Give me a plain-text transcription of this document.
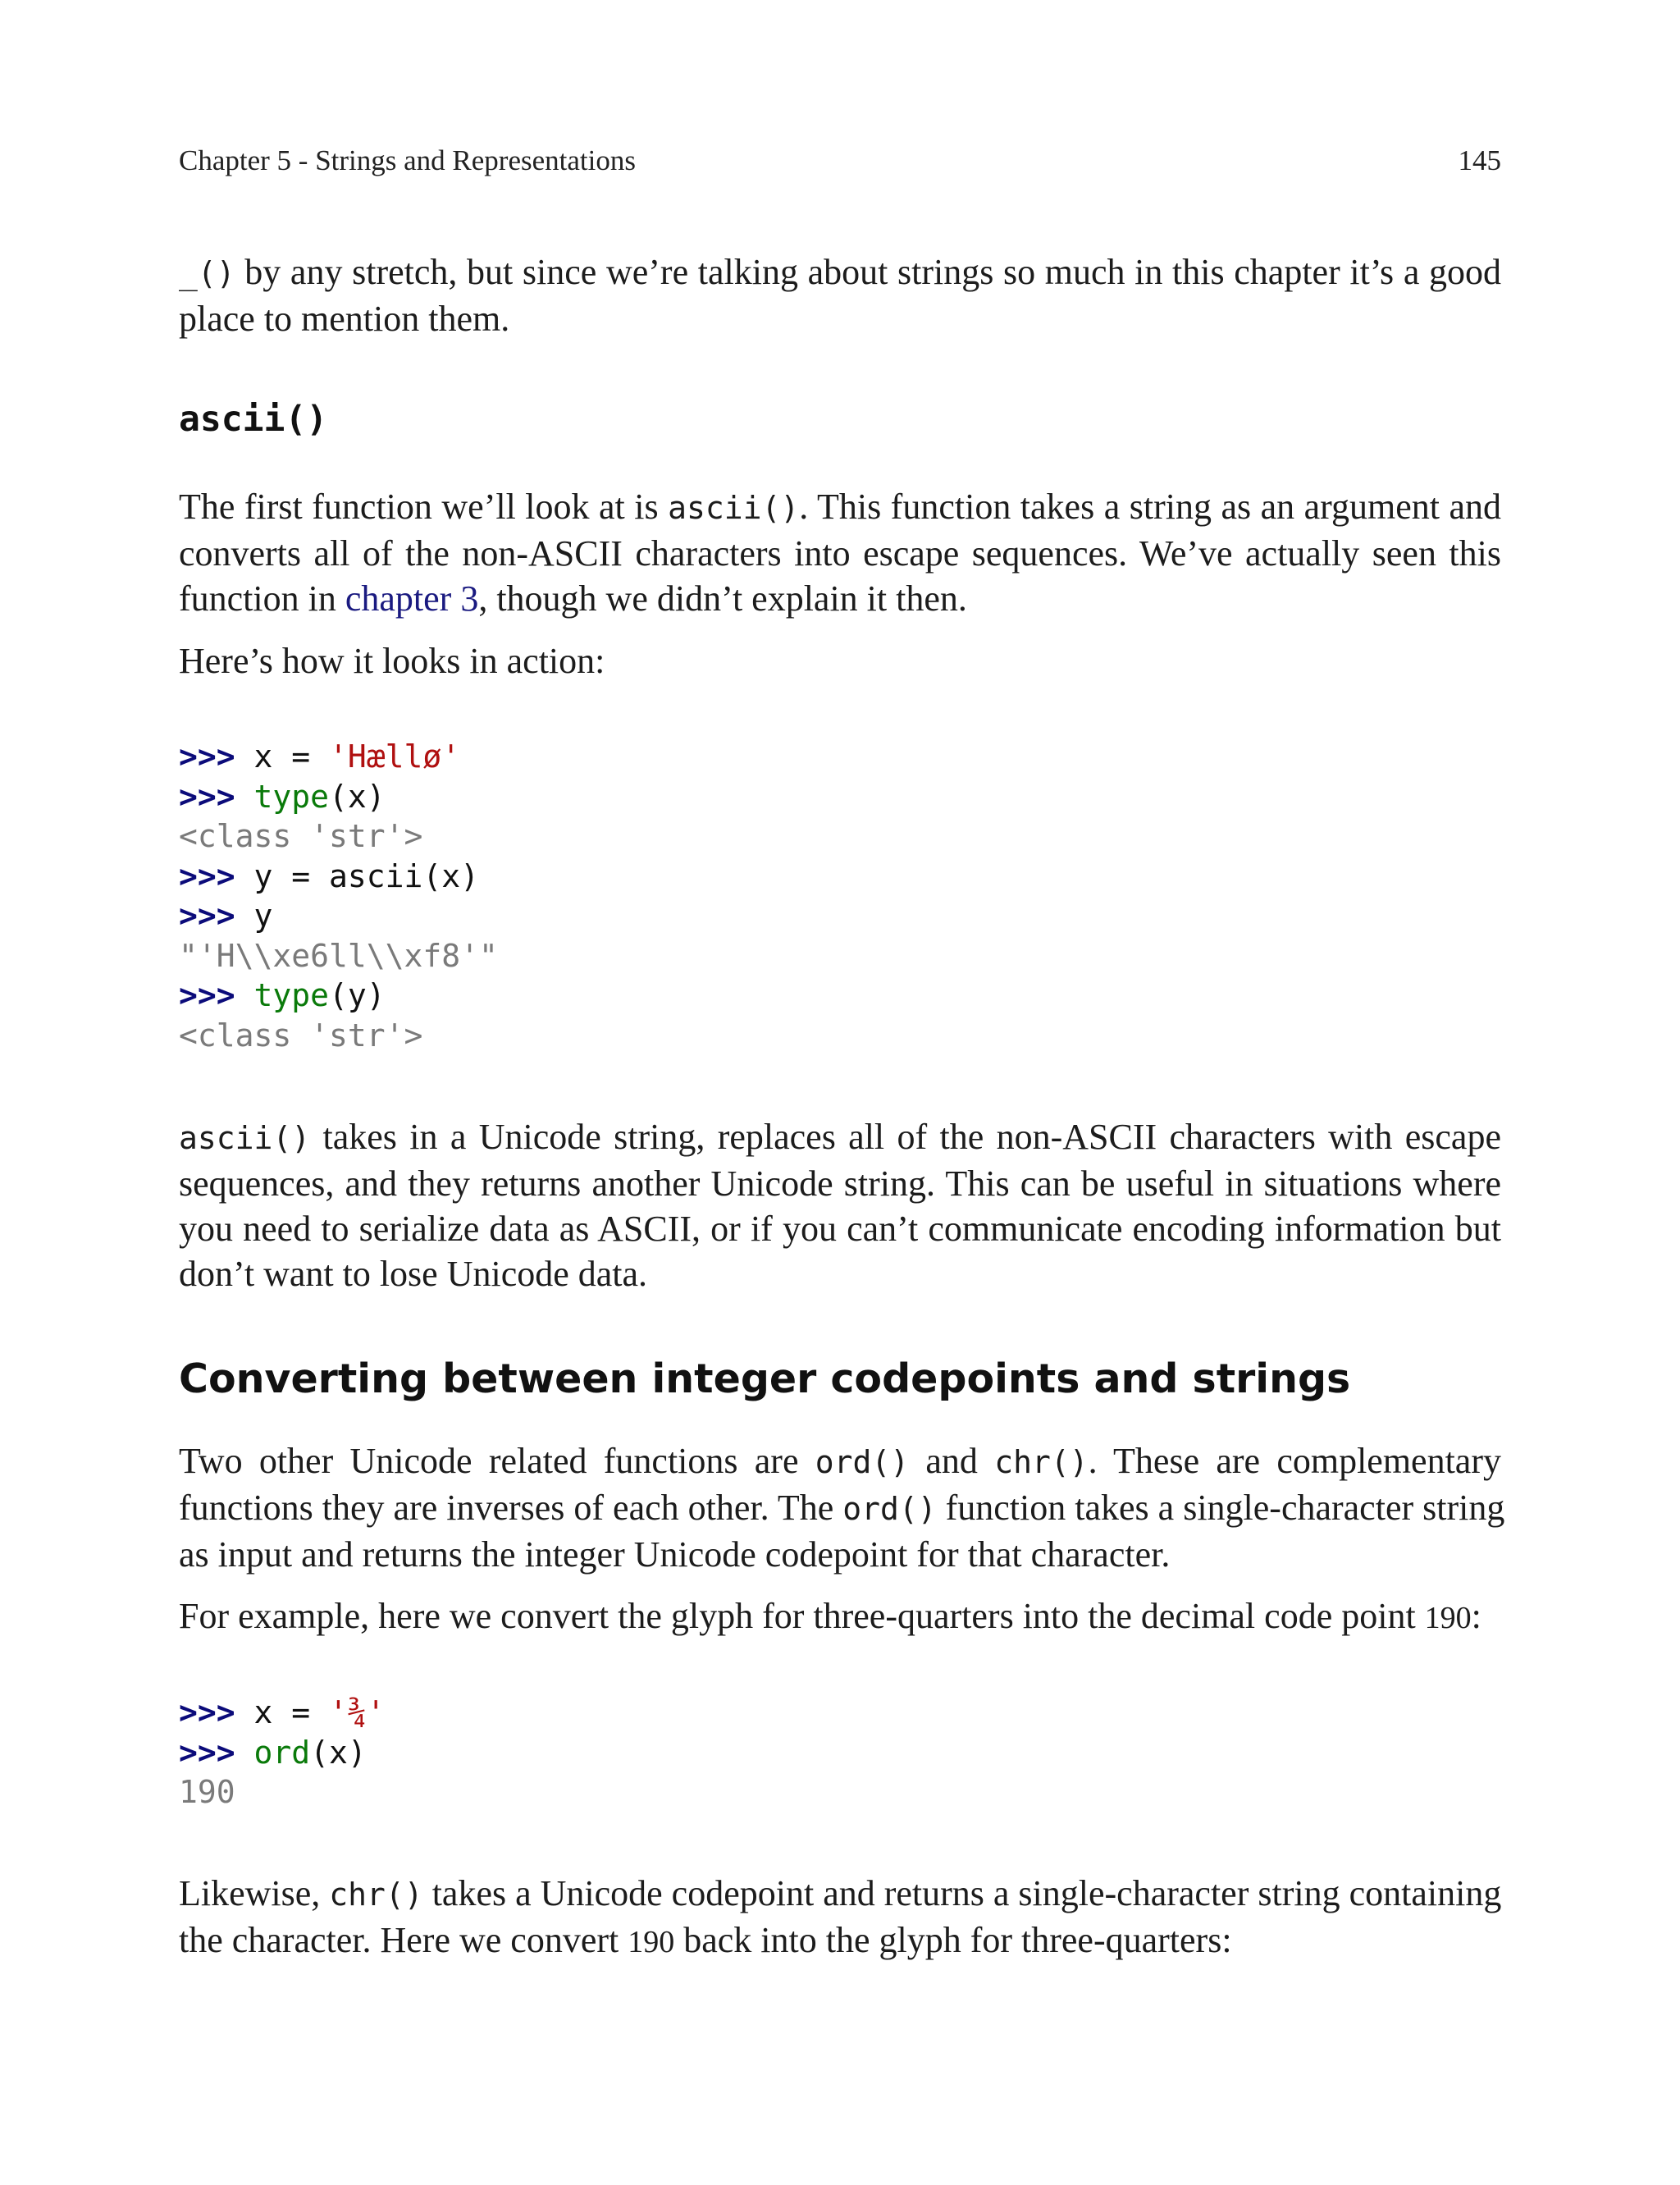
Chapter 5 - Strings and Representations	145

_() by any stretch, but since we’re talking about strings so much in this chapter it’s a good
place to mention them.

ascii()

The first function we’ll look at is ascii(). This function takes a string as an argument and
converts all of the non-ASCII characters into escape sequences. We’ve actually seen this
function in chapter 3, though we didn’t explain it then.

Here’s how it looks in action:

>>> x = 'Hællø'
>>> type(x)
<class 'str'>
>>> y = ascii(x)
>>> y
"'H\\xe6ll\\xf8'"
>>> type(y)
<class 'str'>

ascii() takes in a Unicode string, replaces all of the non-ASCII characters with escape
sequences, and they returns another Unicode string. This can be useful in situations where
you need to serialize data as ASCII, or if you can’t communicate encoding information but
don’t want to lose Unicode data.

Converting between integer codepoints and strings

Two other Unicode related functions are ord() and chr(). These are complementary
functions they are inverses of each other. The ord() function takes a single-character string
as input and returns the integer Unicode codepoint for that character.

For example, here we convert the glyph for three-quarters into the decimal code point 190:

>>> x = '¾'
>>> ord(x)
190

Likewise, chr() takes a Unicode codepoint and returns a single-character string containing
the character. Here we convert 190 back into the glyph for three-quarters:
